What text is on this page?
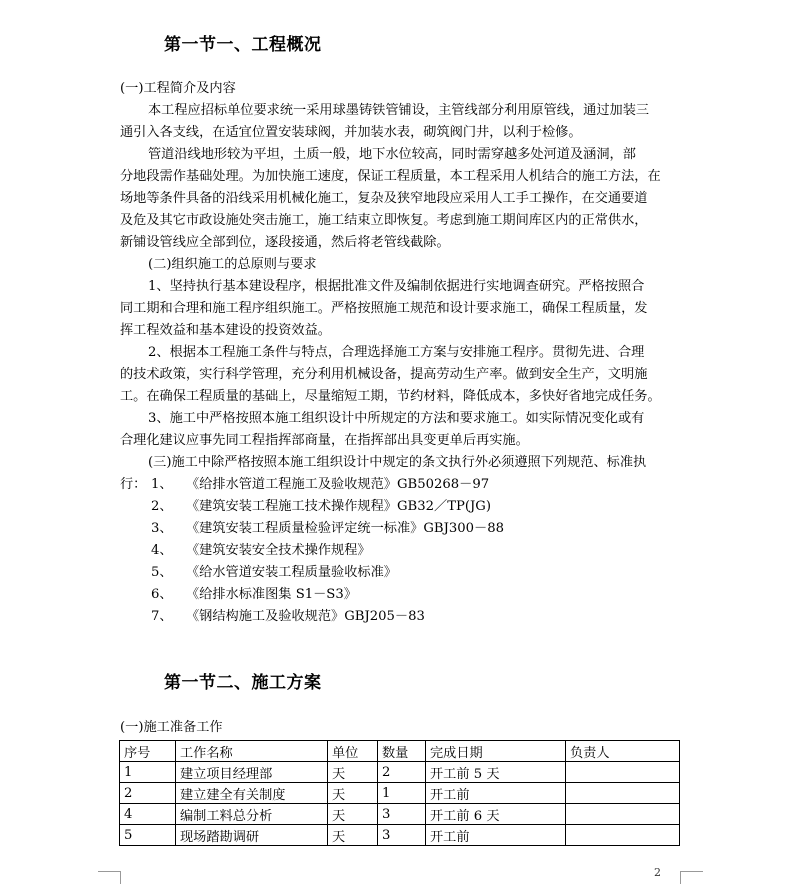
第一节一、工程概况
(一)工程简介及内容
本工程应招标单位要求统一采用球墨铸铁管铺设，主管线部分利用原管线，通过加装三
通引入各支线，在适宜位置安装球阀，并加装水表，砌筑阀门井，以利于检修。
管道沿线地形较为平坦，土质一般，地下水位较高，同时需穿越多处河道及涵洞，部
分地段需作基础处理。为加快施工速度，保证工程质量，本工程采用人机结合的施工方法，在
场地等条件具备的沿线采用机械化施工，复杂及狭窄地段应采用人工手工操作，在交通要道
及危及其它市政设施处突击施工，施工结束立即恢复。考虑到施工期间库区内的正常供水，
新铺设管线应全部到位，逐段接通，然后将老管线截除。
(二)组织施工的总原则与要求
1、坚持执行基本建设程序，根据批准文件及编制依据进行实地调查研究。严格按照合
同工期和合理和施工程序组织施工。严格按照施工规范和设计要求施工，确保工程质量，发
挥工程效益和基本建设的投资效益。
2、根据本工程施工条件与特点，合理选择施工方案与安排施工程序。贯彻先进、合理
的技术政策，实行科学管理，充分利用机械设备，提高劳动生产率。做到安全生产，文明施
工。在确保工程质量的基础上，尽量缩短工期，节约材料，降低成本，多快好省地完成任务。
3、施工中严格按照本施工组织设计中所规定的方法和要求施工。如实际情况变化或有
合理化建议应事先同工程指挥部商量，在指挥部出具变更单后再实施。
(三)施工中除严格按照本施工组织设计中规定的条文执行外必须遵照下列规范、标准执
行： 1、 《给排水管道工程施工及验收规范》GB50268－97
2、 《建筑安装工程施工技术操作规程》GB32／TP(JG)
3、 《建筑安装工程质量检验评定统一标准》GBJ300－88
4、 《建筑安装安全技术操作规程》
5、 《给水管道安装工程质量验收标准》
6、 《给排水标准图集 S1－S3》
7、 《钢结构施工及验收规范》GBJ205－83
第一节二、施工方案
(一)施工准备工作
序号	工作名称	单位	数量	完成日期	负责人
1	建立项目经理部	天	2	开工前 5 天	
2	建立建全有关制度	天	1	开工前	
4	编制工料总分析	天	3	开工前 6 天	
5	现场踏勘调研	天	3	开工前	
2
